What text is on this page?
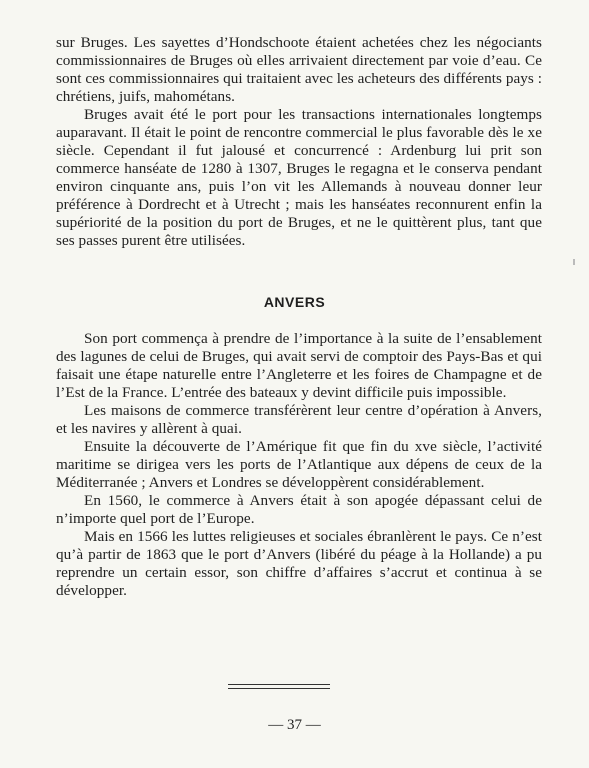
sur Bruges. Les sayettes d’Hondschoote étaient achetées chez les négociants commissionnaires de Bruges où elles arrivaient directement par voie d’eau. Ce sont ces commissionnaires qui traitaient avec les acheteurs des différents pays : chrétiens, juifs, mahométans.

Bruges avait été le port pour les transactions internationales longtemps auparavant. Il était le point de rencontre commercial le plus favorable dès le xe siècle. Cependant il fut jalousé et concurrencé : Ardenburg lui prit son commerce hanséate de 1280 à 1307, Bruges le regagna et le conserva pendant environ cinquante ans, puis l’on vit les Allemands à nouveau donner leur préférence à Dordrecht et à Utrecht ; mais les hanséates reconnurent enfin la supériorité de la position du port de Bruges, et ne le quittèrent plus, tant que ses passes purent être utilisées.

ANVERS

Son port commença à prendre de l’importance à la suite de l’ensablement des lagunes de celui de Bruges, qui avait servi de comptoir des Pays-Bas et qui faisait une étape naturelle entre l’Angleterre et les foires de Champagne et de l’Est de la France. L’entrée des bateaux y devint difficile puis impossible.

Les maisons de commerce transférèrent leur centre d’opération à Anvers, et les navires y allèrent à quai.

Ensuite la découverte de l’Amérique fit que fin du xve siècle, l’activité maritime se dirigea vers les ports de l’Atlantique aux dépens de ceux de la Méditerranée ; Anvers et Londres se développèrent considérablement.

En 1560, le commerce à Anvers était à son apogée dépassant celui de n’importe quel port de l’Europe.

Mais en 1566 les luttes religieuses et sociales ébranlèrent le pays. Ce n’est qu’à partir de 1863 que le port d’Anvers (libéré du péage à la Hollande) a pu reprendre un certain essor, son chiffre d’affaires s’accrut et continua à se développer.

— 37 —
